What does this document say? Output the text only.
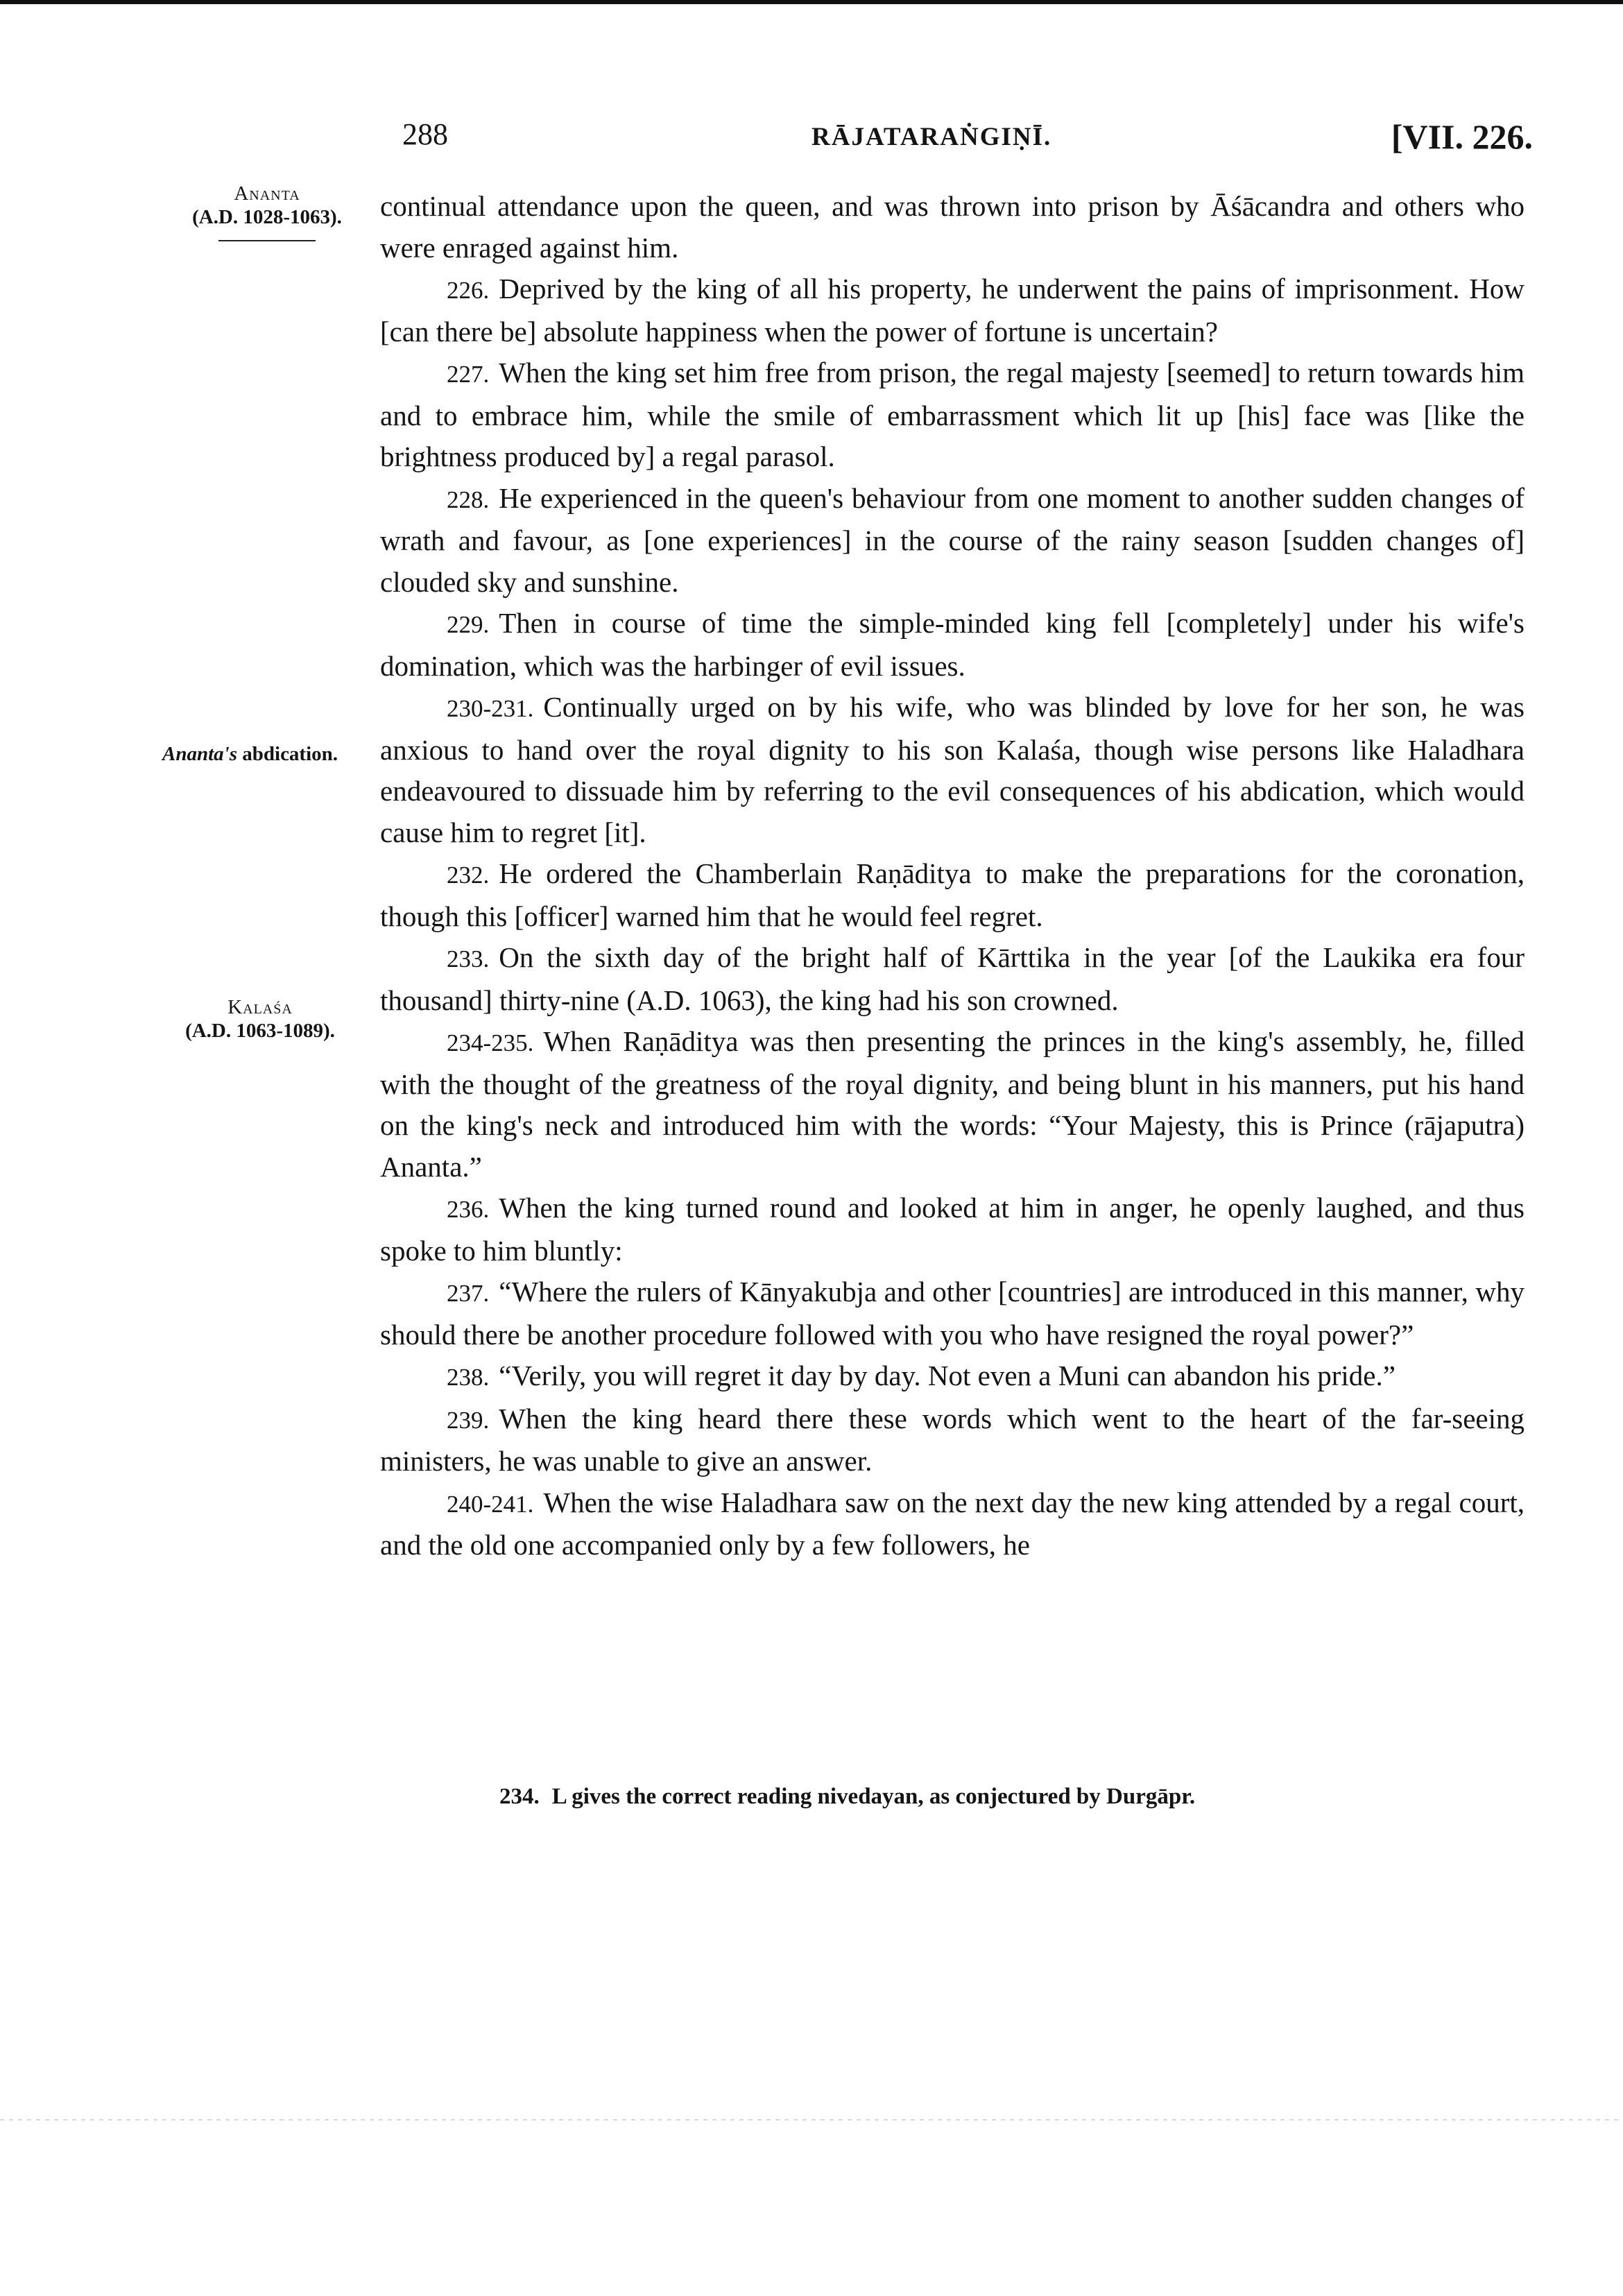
288	RĀJATARAṄGIṆĪ.	[VII. 226.
Ananta
(A.D. 1028-1063).
Ananta's abdication.
Kalaśa
(A.D. 1063-1089).

continual attendance upon the queen, and was thrown into prison by Āśācandra and others who were enraged against him.

226. Deprived by the king of all his property, he underwent the pains of imprisonment. How [can there be] absolute happiness when the power of fortune is uncertain?

227. When the king set him free from prison, the regal majesty [seemed] to return towards him and to embrace him, while the smile of embarrassment which lit up [his] face was [like the brightness produced by] a regal parasol.

228. He experienced in the queen's behaviour from one moment to another sudden changes of wrath and favour, as [one experiences] in the course of the rainy season [sudden changes of] clouded sky and sunshine.

229. Then in course of time the simple-minded king fell [completely] under his wife's domination, which was the harbinger of evil issues.

230-231. Continually urged on by his wife, who was blinded by love for her son, he was anxious to hand over the royal dignity to his son Kalaśa, though wise persons like Haladhara endeavoured to dissuade him by referring to the evil consequences of his abdication, which would cause him to regret [it].

232. He ordered the Chamberlain Raṇāditya to make the preparations for the coronation, though this [officer] warned him that he would feel regret.

233. On the sixth day of the bright half of Kārttika in the year [of the Laukika era four thousand] thirty-nine (A.D. 1063), the king had his son crowned.

234-235. When Raṇāditya was then presenting the princes in the king's assembly, he, filled with the thought of the greatness of the royal dignity, and being blunt in his manners, put his hand on the king's neck and introduced him with the words: “Your Majesty, this is Prince (rājaputra) Ananta.”

236. When the king turned round and looked at him in anger, he openly laughed, and thus spoke to him bluntly:

237. “Where the rulers of Kānyakubja and other [countries] are introduced in this manner, why should there be another procedure followed with you who have resigned the royal power?”

238. “Verily, you will regret it day by day. Not even a Muni can abandon his pride.”

239. When the king heard there these words which went to the heart of the far-seeing ministers, he was unable to give an answer.

240-241. When the wise Haladhara saw on the next day the new king attended by a regal court, and the old one accompanied only by a few followers, he

234. L gives the correct reading nivedayan, as conjectured by Durgāpr.
